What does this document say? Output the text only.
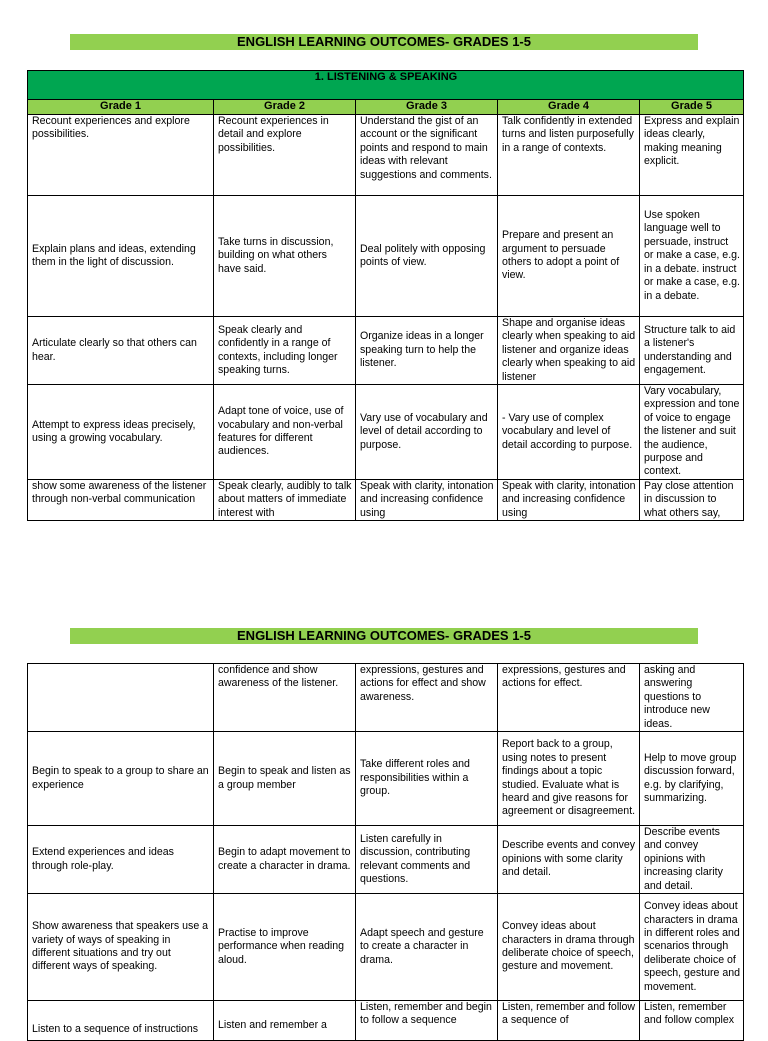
ENGLISH LEARNING OUTCOMES- GRADES 1-5
1. LISTENING & SPEAKING				
Grade 1	Grade 2	Grade 3	Grade 4	Grade 5
Recount experiences and explore possibilities.	Recount experiences in detail and explore possibilities.	Understand the gist of an account or the significant points and respond to main ideas with relevant suggestions and comments.	Talk confidently in extended turns and listen purposefully in a range of contexts.	Express and explain ideas clearly, making meaning explicit.
Explain plans and ideas, extending them in the light of discussion.	Take turns in discussion, building on what others have said.	Deal politely with opposing points of view.	Prepare and present an argument to persuade others to adopt a point of view.	Use spoken language well to persuade, instruct or make a case, e.g. in a debate. instruct or make a case, e.g. in a debate.
Articulate clearly so that others can hear.	Speak clearly and confidently in a range of contexts, including longer speaking turns.	Organize ideas in a longer speaking turn to help the listener.	Shape and organise ideas clearly when speaking to aid listener and organize ideas clearly when speaking to aid listener	Structure talk to aid a listener's understanding and engagement.
Attempt to express ideas precisely, using a growing vocabulary.	Adapt tone of voice, use of vocabulary and non-verbal features for different audiences.	Vary use of vocabulary and level of detail according to purpose.	- Vary use of complex vocabulary and level of detail according to purpose.	Vary vocabulary, expression and tone of voice to engage the listener and suit the audience, purpose and context.
show some awareness of the listener through non-verbal communication	Speak clearly, audibly to talk about matters of immediate interest with	Speak with clarity, intonation and increasing confidence using	Speak with clarity, intonation and increasing confidence using	Pay close attention in discussion to what others say,
ENGLISH LEARNING OUTCOMES- GRADES 1-5
	confidence and show awareness of the listener.	expressions, gestures and actions for effect and show awareness.	expressions, gestures and actions for effect.	asking and answering questions to introduce new ideas.
Begin to speak to a group to share an experience	Begin to speak and listen as a group member	Take different roles and responsibilities within a group.	Report back to a group, using notes to present findings about a topic studied. Evaluate what is heard and give reasons for agreement or disagreement.	Help to move group discussion forward, e.g. by clarifying, summarizing.
Extend experiences and ideas through role-play.	Begin to adapt movement to create a character in drama.	Listen carefully in discussion, contributing relevant comments and questions.	Describe events and convey opinions with some clarity and detail.	Describe events and convey opinions with increasing clarity and detail.
Show awareness that speakers use a variety of ways of speaking in different situations and try out different ways of speaking.	Practise to improve performance when reading aloud.	Adapt speech and gesture to create a character in drama.	Convey ideas about characters in drama through deliberate choice of speech, gesture and movement.	Convey ideas about characters in drama in different roles and scenarios through deliberate choice of speech, gesture and movement.
Listen to a sequence of instructions	Listen and remember a	Listen, remember and begin to follow a sequence	Listen, remember and follow a sequence of	Listen, remember and follow complex
